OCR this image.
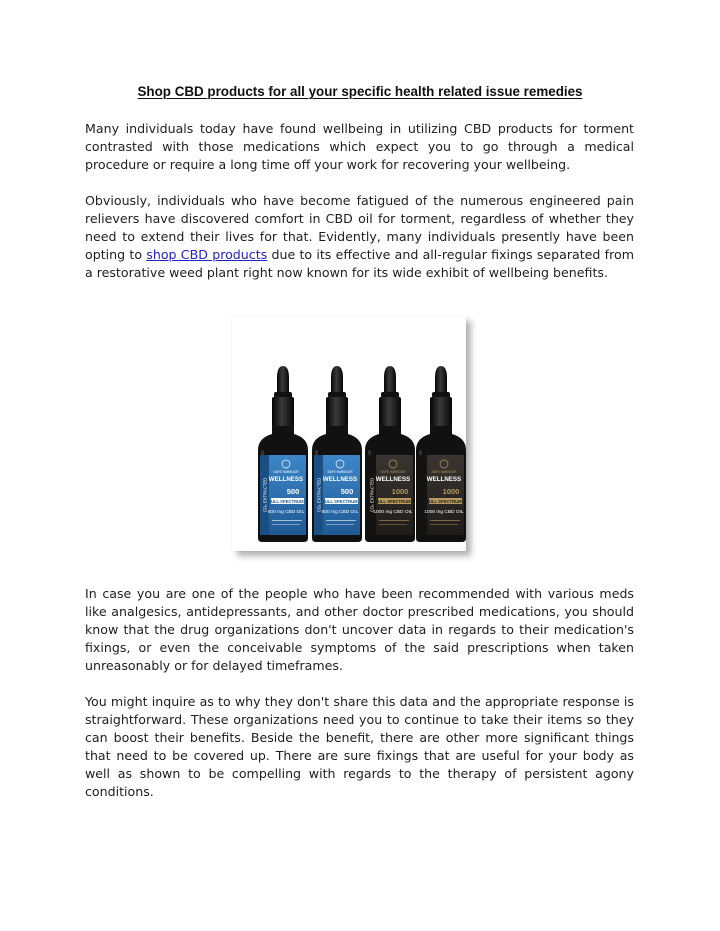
Shop CBD products for all your specific health related issue remedies

Many individuals today have found wellbeing in utilizing CBD products for torment contrasted with those medications which expect you to go through a medical procedure or require a long time off your work for recovering your wellbeing.

Obviously, individuals who have become fatigued of the numerous engineered pain relievers have discovered comfort in CBD oil for torment, regardless of whether they need to extend their lives for that. Evidently, many individuals presently have been opting to shop CBD products due to its effective and all-regular fixings separated from a restorative weed plant right now known for its wide exhibit of wellbeing benefits.

CO₂ EXTRACTED
SAFE HARBOUR
WELLNESS
500
FULL SPECTRUM
500 mg CBD OIL
CO₂ EXTRACTED
SAFE HARBOUR
WELLNESS
500
FULL SPECTRUM
500 mg CBD OIL
CO₂ EXTRACTED
SAFE HARBOUR
WELLNESS
1000
FULL SPECTRUM
1000 mg CBD OIL
SAFE HARBOUR
WELLNESS
1000
FULL SPECTRUM
1000 mg CBD OIL

In case you are one of the people who have been recommended with various meds like analgesics, antidepressants, and other doctor prescribed medications, you should know that the drug organizations don't uncover data in regards to their medication's fixings, or even the conceivable symptoms of the said prescriptions when taken unreasonably or for delayed timeframes.

You might inquire as to why they don't share this data and the appropriate response is straightforward. These organizations need you to continue to take their items so they can boost their benefits. Beside the benefit, there are other more significant things that need to be covered up. There are sure fixings that are useful for your body as well as shown to be compelling with regards to the therapy of persistent agony conditions.
